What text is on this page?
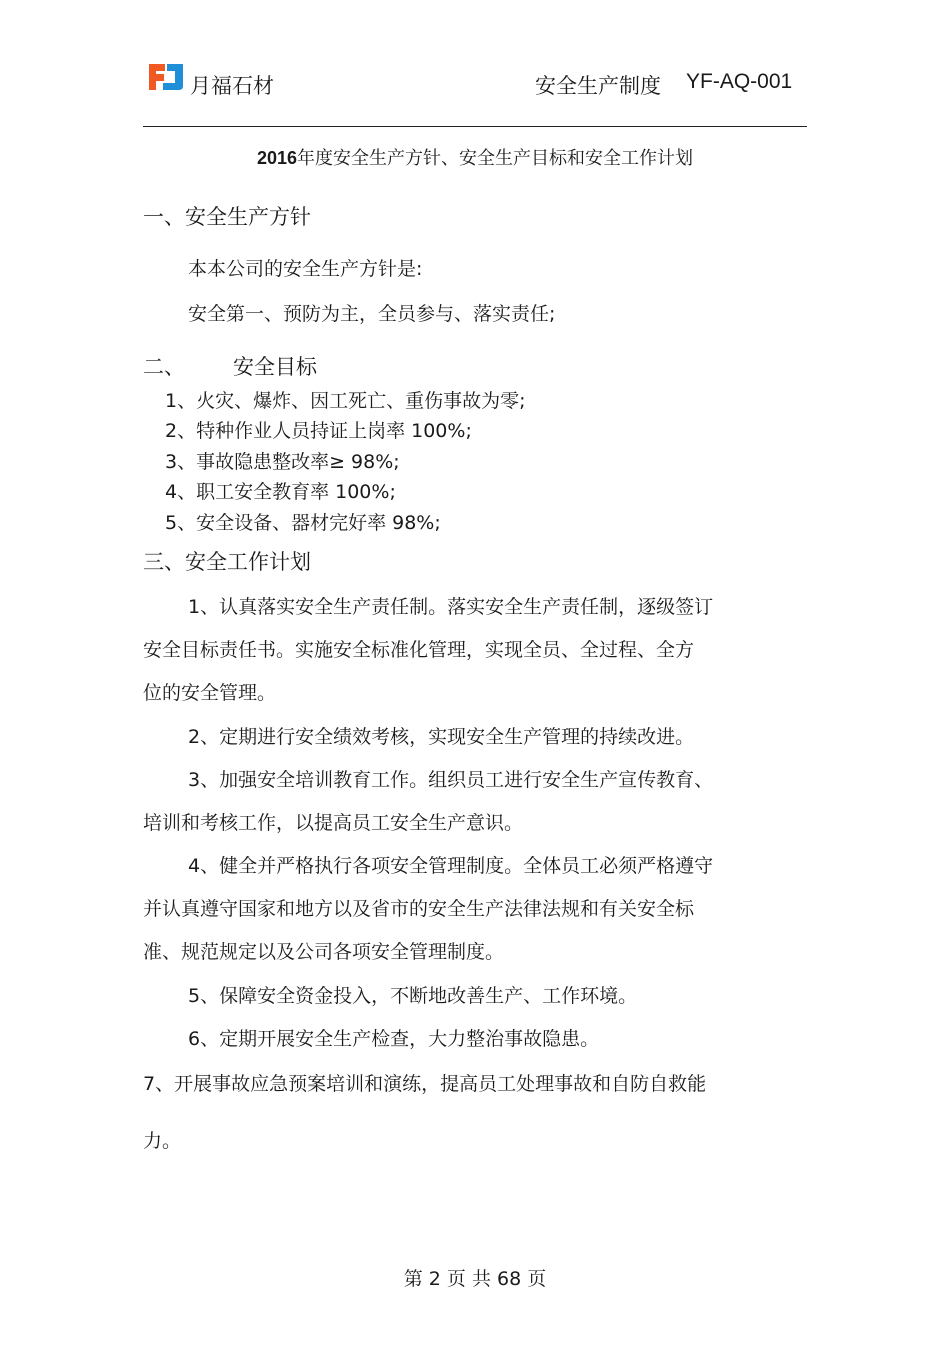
月福石材	安全生产制度 YF-AQ-001
2016年度安全生产方针、安全生产目标和安全工作计划
一、安全生产方针
本本公司的安全生产方针是:
安全第一、预防为主，全员参与、落实责任;
二、 安全目标
1、火灾、爆炸、因工死亡、重伤事故为零;
2、特种作业人员持证上岗率 100%;
3、事故隐患整改率≥ 98%;
4、职工安全教育率 100%;
5、安全设备、器材完好率 98%;
三、安全工作计划
1、认真落实安全生产责任制。落实安全生产责任制，逐级签订
安全目标责任书。实施安全标准化管理，实现全员、全过程、全方
位的安全管理。
2、定期进行安全绩效考核，实现安全生产管理的持续改进。
3、加强安全培训教育工作。组织员工进行安全生产宣传教育、
培训和考核工作，以提高员工安全生产意识。
4、健全并严格执行各项安全管理制度。全体员工必须严格遵守
并认真遵守国家和地方以及省市的安全生产法律法规和有关安全标
准、规范规定以及公司各项安全管理制度。
5、保障安全资金投入，不断地改善生产、工作环境。
6、定期开展安全生产检查，大力整治事故隐患。
7、开展事故应急预案培训和演练，提高员工处理事故和自防自救能
力。
第 2 页 共 68 页
